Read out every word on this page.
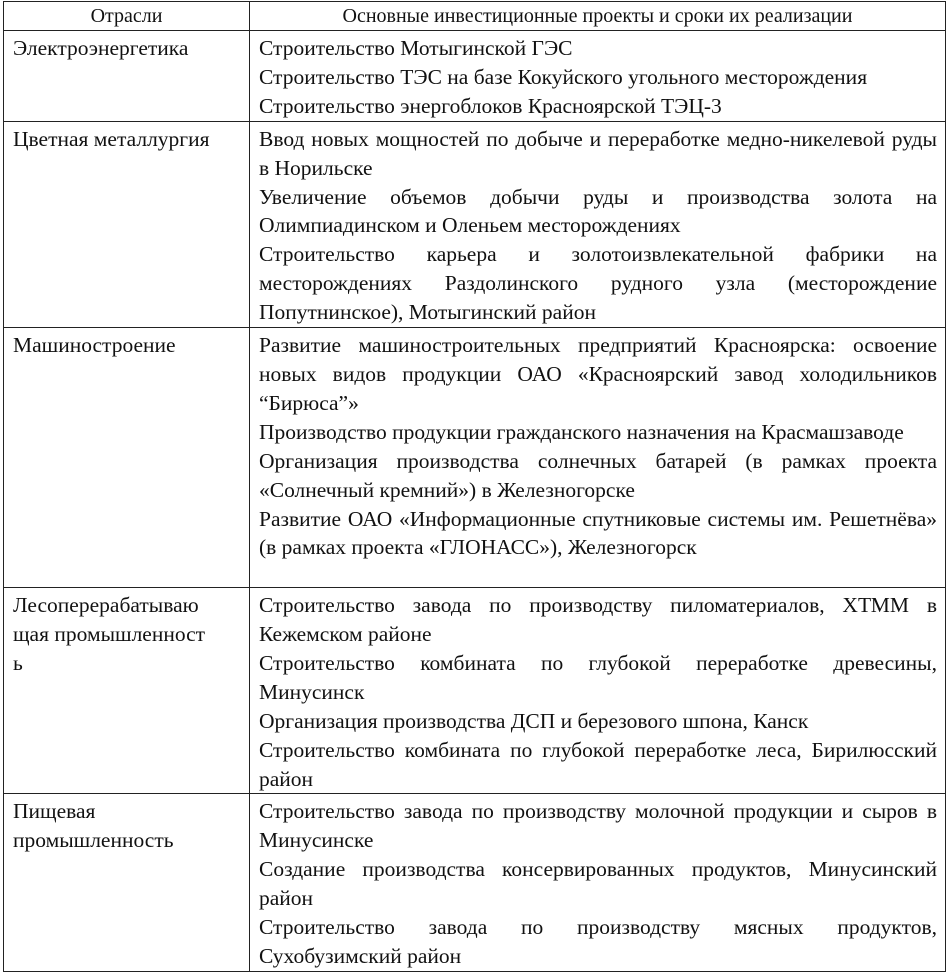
Отрасли	Основные инвестиционные проекты и сроки их реализации

Электроэнергетика	Строительство Мотыгинской ГЭС
Строительство ТЭС на базе Кокуйского угольного месторождения
Строительство энергоблоков Красноярской ТЭЦ-3

Цветная металлургия	Ввод новых мощностей по добыче и переработке медно-никелевой руды в Норильске
Увеличение объемов добычи руды и производства золота на Олимпиадинском и Оленьем месторождениях
Строительство карьера и золотоизвлекательной фабрики на месторождениях Раздолинского рудного узла (месторождение Попутнинское), Мотыгинский район

Машиностроение	Развитие машиностроительных предприятий Красноярска: освоение новых видов продукции ОАО «Красноярский завод холодильников “Бирюса”»
Производство продукции гражданского назначения на Красмашзаводе
Организация производства солнечных батарей (в рамках проекта «Солнечный кремний») в Железногорске
Развитие ОАО «Информационные спутниковые системы им. Решетнёва» (в рамках проекта «ГЛОНАСС»), Железногорск

Лесоперерабатывающая промышленность	Строительство завода по производству пиломатериалов, ХТММ в Кежемском районе
Строительство комбината по глубокой переработке древесины, Минусинск
Организация производства ДСП и березового шпона, Канск
Строительство комбината по глубокой переработке леса, Бирилюсский район

Пищевая промышленность	Строительство завода по производству молочной продукции и сыров в Минусинске
Создание производства консервированных продуктов, Минусинский район
Строительство завода по производству мясных продуктов, Сухобузимский район
